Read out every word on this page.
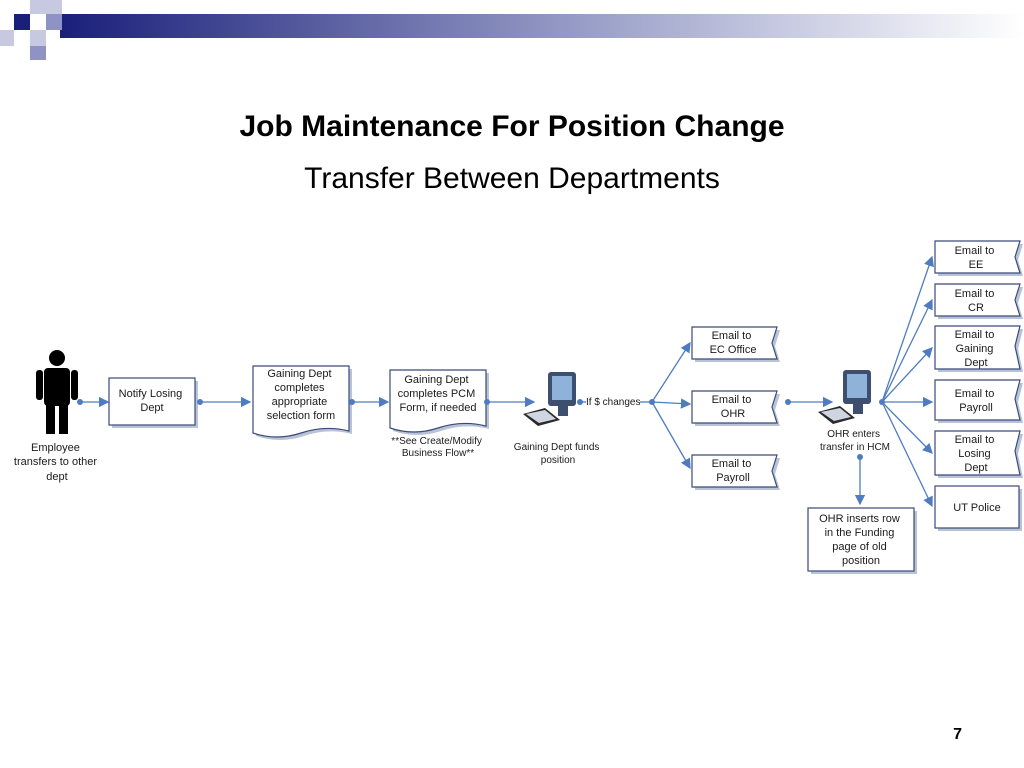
Job Maintenance For Position Change
Transfer Between Departments
Employee transfers to other dept
Notify Losing Dept
Gaining Dept completes appropriate selection form
Gaining Dept completes PCM Form, if needed
**See Create/Modify Business Flow**
Gaining Dept funds position
If $ changes
Email to EC Office
Email to OHR
Email to Payroll
OHR enters transfer in HCM
OHR inserts row in the Funding page of old position
Email to EE
Email to CR
Email to Gaining Dept
Email to Payroll
Email to Losing Dept
UT Police
7
